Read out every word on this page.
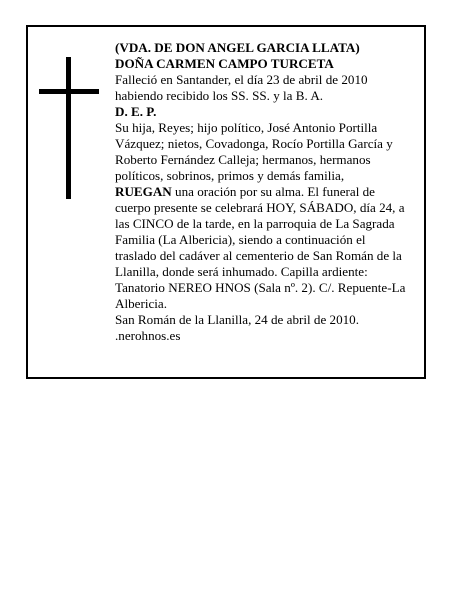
(VDA. DE DON ANGEL GARCIA LLATA)

DOÑA CARMEN CAMPO TURCETA

Falleció en Santander, el día 23 de abril de 2010

habiendo recibido los SS. SS. y la B. A.

D. E. P.

Su hija, Reyes; hijo político, José Antonio Portilla

Vázquez; nietos, Covadonga, Rocío Portilla García y

Roberto Fernández Calleja; hermanos, hermanos

políticos, sobrinos, primos y demás familia,

RUEGAN una oración por su alma. El funeral de

cuerpo presente se celebrará HOY, SÁBADO, día 24, a

las CINCO de la tarde, en la parroquia de La Sagrada

Familia (La Albericia), siendo a continuación el

traslado del cadáver al cementerio de San Román de la

Llanilla, donde será inhumado. Capilla ardiente:

Tanatorio NEREO HNOS (Sala nº. 2). C/. Repuente-La

Albericia.

San Román de la Llanilla, 24 de abril de 2010.

.nerohnos.es
